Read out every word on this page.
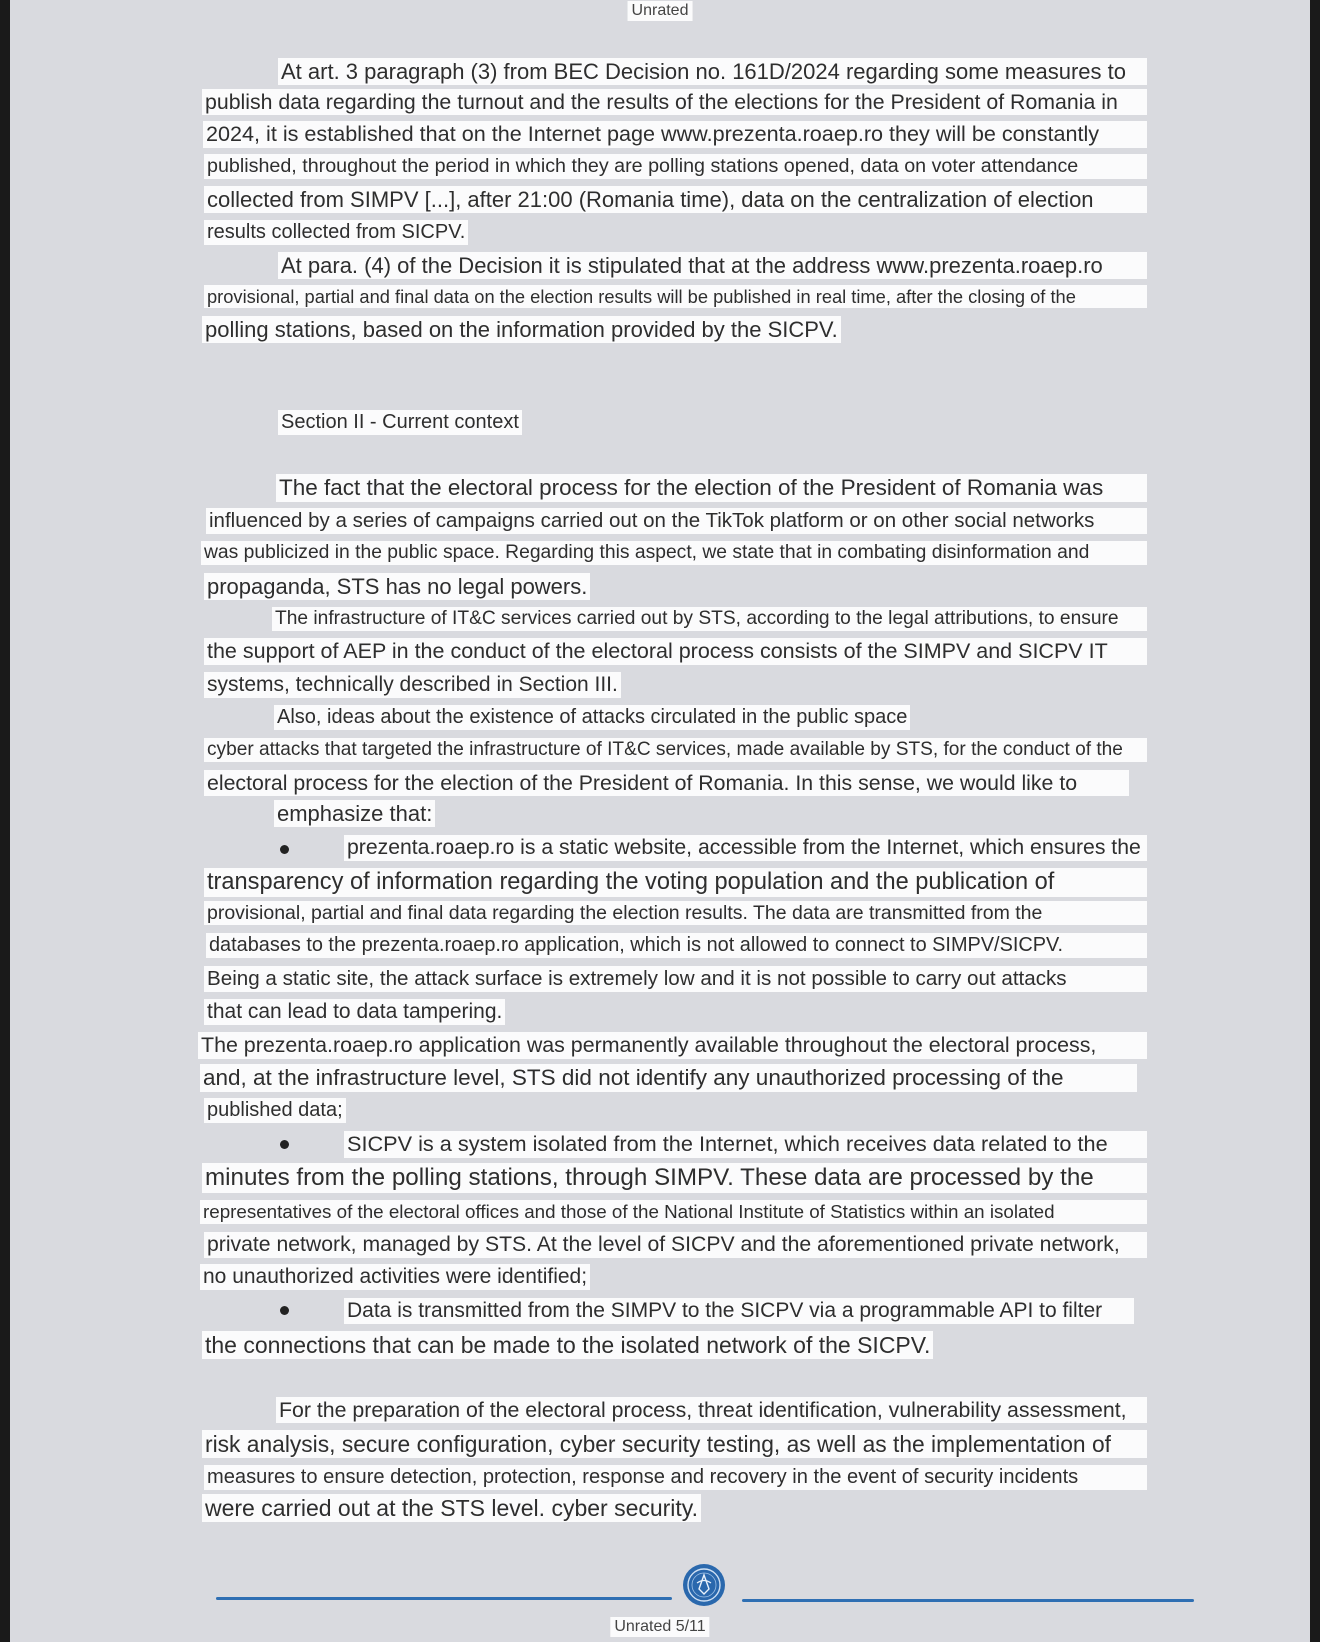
Unrated
At art. 3 paragraph (3) from BEC Decision no. 161D/2024 regarding some measures to
publish data regarding the turnout and the results of the elections for the President of Romania in
2024, it is established that on the Internet page www.prezenta.roaep.ro they will be constantly
published, throughout the period in which they are polling stations opened, data on voter attendance
collected from SIMPV [...], after 21:00 (Romania time), data on the centralization of election
results collected from SICPV.
At para. (4) of the Decision it is stipulated that at the address www.prezenta.roaep.ro
provisional, partial and final data on the election results will be published in real time, after the closing of the
polling stations, based on the information provided by the SICPV.
Section II - Current context
The fact that the electoral process for the election of the President of Romania was
influenced by a series of campaigns carried out on the TikTok platform or on other social networks
was publicized in the public space. Regarding this aspect, we state that in combating disinformation and
propaganda, STS has no legal powers.
The infrastructure of IT&C services carried out by STS, according to the legal attributions, to ensure
the support of AEP in the conduct of the electoral process consists of the SIMPV and SICPV IT
systems, technically described in Section III.
Also, ideas about the existence of attacks circulated in the public space
cyber attacks that targeted the infrastructure of IT&C services, made available by STS, for the conduct of the
electoral process for the election of the President of Romania. In this sense, we would like to
emphasize that:
prezenta.roaep.ro is a static website, accessible from the Internet, which ensures the
transparency of information regarding the voting population and the publication of
provisional, partial and final data regarding the election results. The data are transmitted from the
databases to the prezenta.roaep.ro application, which is not allowed to connect to SIMPV/SICPV.
Being a static site, the attack surface is extremely low and it is not possible to carry out attacks
that can lead to data tampering.
The prezenta.roaep.ro application was permanently available throughout the electoral process,
and, at the infrastructure level, STS did not identify any unauthorized processing of the
published data;
SICPV is a system isolated from the Internet, which receives data related to the
minutes from the polling stations, through SIMPV. These data are processed by the
representatives of the electoral offices and those of the National Institute of Statistics within an isolated
private network, managed by STS. At the level of SICPV and the aforementioned private network,
no unauthorized activities were identified;
Data is transmitted from the SIMPV to the SICPV via a programmable API to filter
the connections that can be made to the isolated network of the SICPV.
For the preparation of the electoral process, threat identification, vulnerability assessment,
risk analysis, secure configuration, cyber security testing, as well as the implementation of
measures to ensure detection, protection, response and recovery in the event of security incidents
were carried out at the STS level. cyber security.
Unrated 5/11
